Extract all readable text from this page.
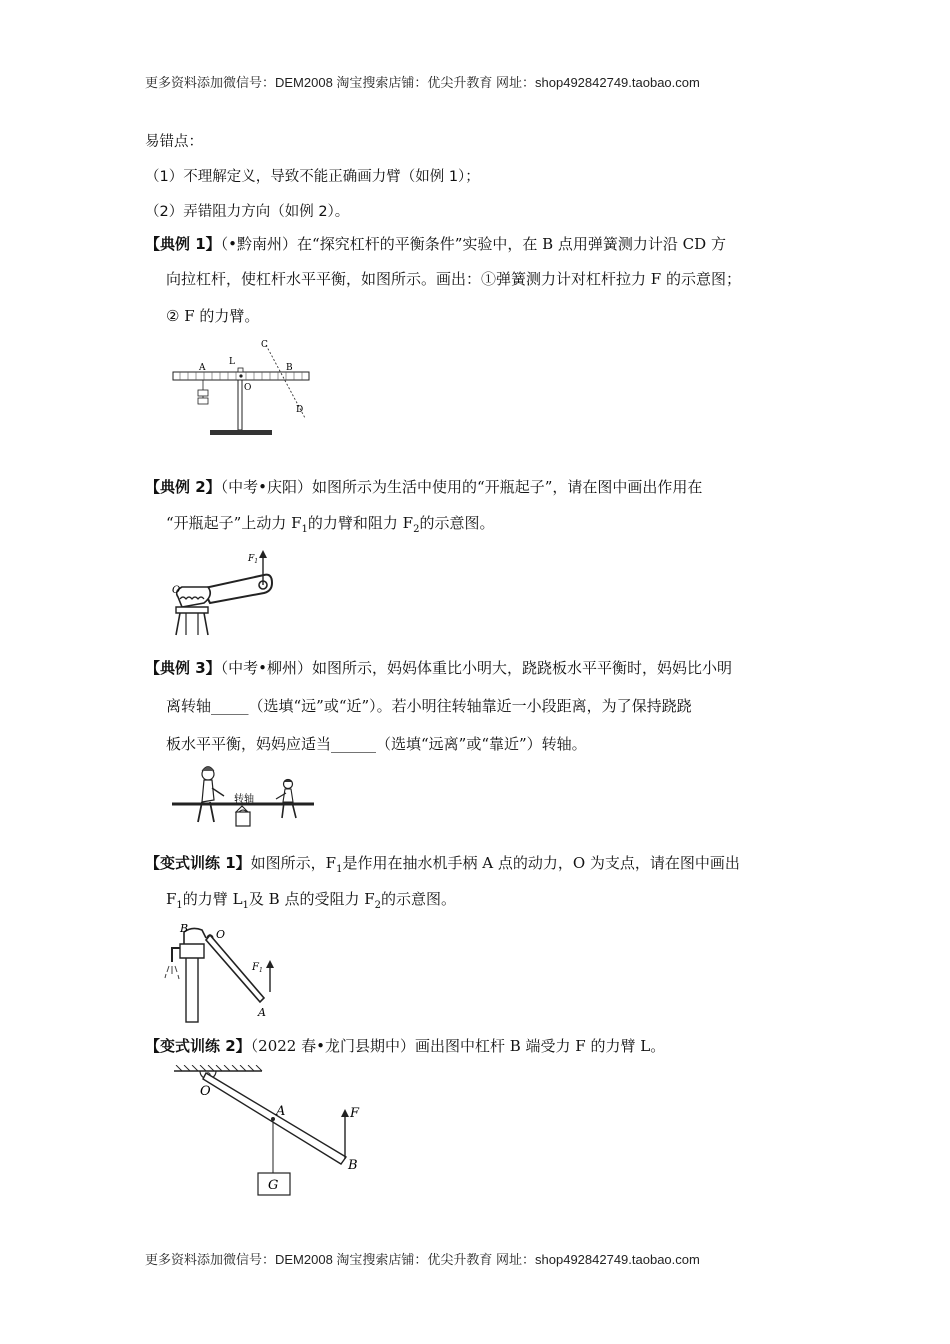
更多资料添加微信号：DEM2008 淘宝搜索店铺：优尖升教育 网址：shop492842749.taobao.com
更多资料添加微信号：DEM2008 淘宝搜索店铺：优尖升教育 网址：shop492842749.taobao.com
易错点：
（1）不理解定义，导致不能正确画力臂（如例 1）；
（2）弄错阻力方向（如例 2）。
【典例 1】（•黔南州）在“探究杠杆的平衡条件”实验中，在 B 点用弹簧测力计沿 CD 方
向拉杠杆，使杠杆水平平衡，如图所示。画出：①弹簧测力计对杠杆拉力 F 的示意图；
② F 的力臂。
A
L
O
B
C
D
【典例 2】（中考•庆阳）如图所示为生活中使用的“开瓶起子”，请在图中画出作用在
“开瓶起子”上动力 $F_1$的力臂和阻力 $F_2$的示意图。
$F_1$
O
【典例 3】（中考•柳州）如图所示，妈妈体重比小明大，跷跷板水平平衡时，妈妈比小明
离转轴_____（选填“远”或“近”）。若小明往转轴靠近一小段距离，为了保持跷跷
板水平平衡，妈妈应适当______（选填“远离”或“靠近”）转轴。
转轴
【变式训练 1】如图所示，$F_1$是作用在抽水机手柄 A 点的动力，O 为支点，请在图中画出
$F_1$的力臂 $L_1$及 B 点的受阻力 $F_2$的示意图。
B	O
$F_1$
A
【变式训练 2】（2022 春•龙门县期中）画出图中杠杆 B 端受力 F 的力臂 L。
O
A	F
B
G
